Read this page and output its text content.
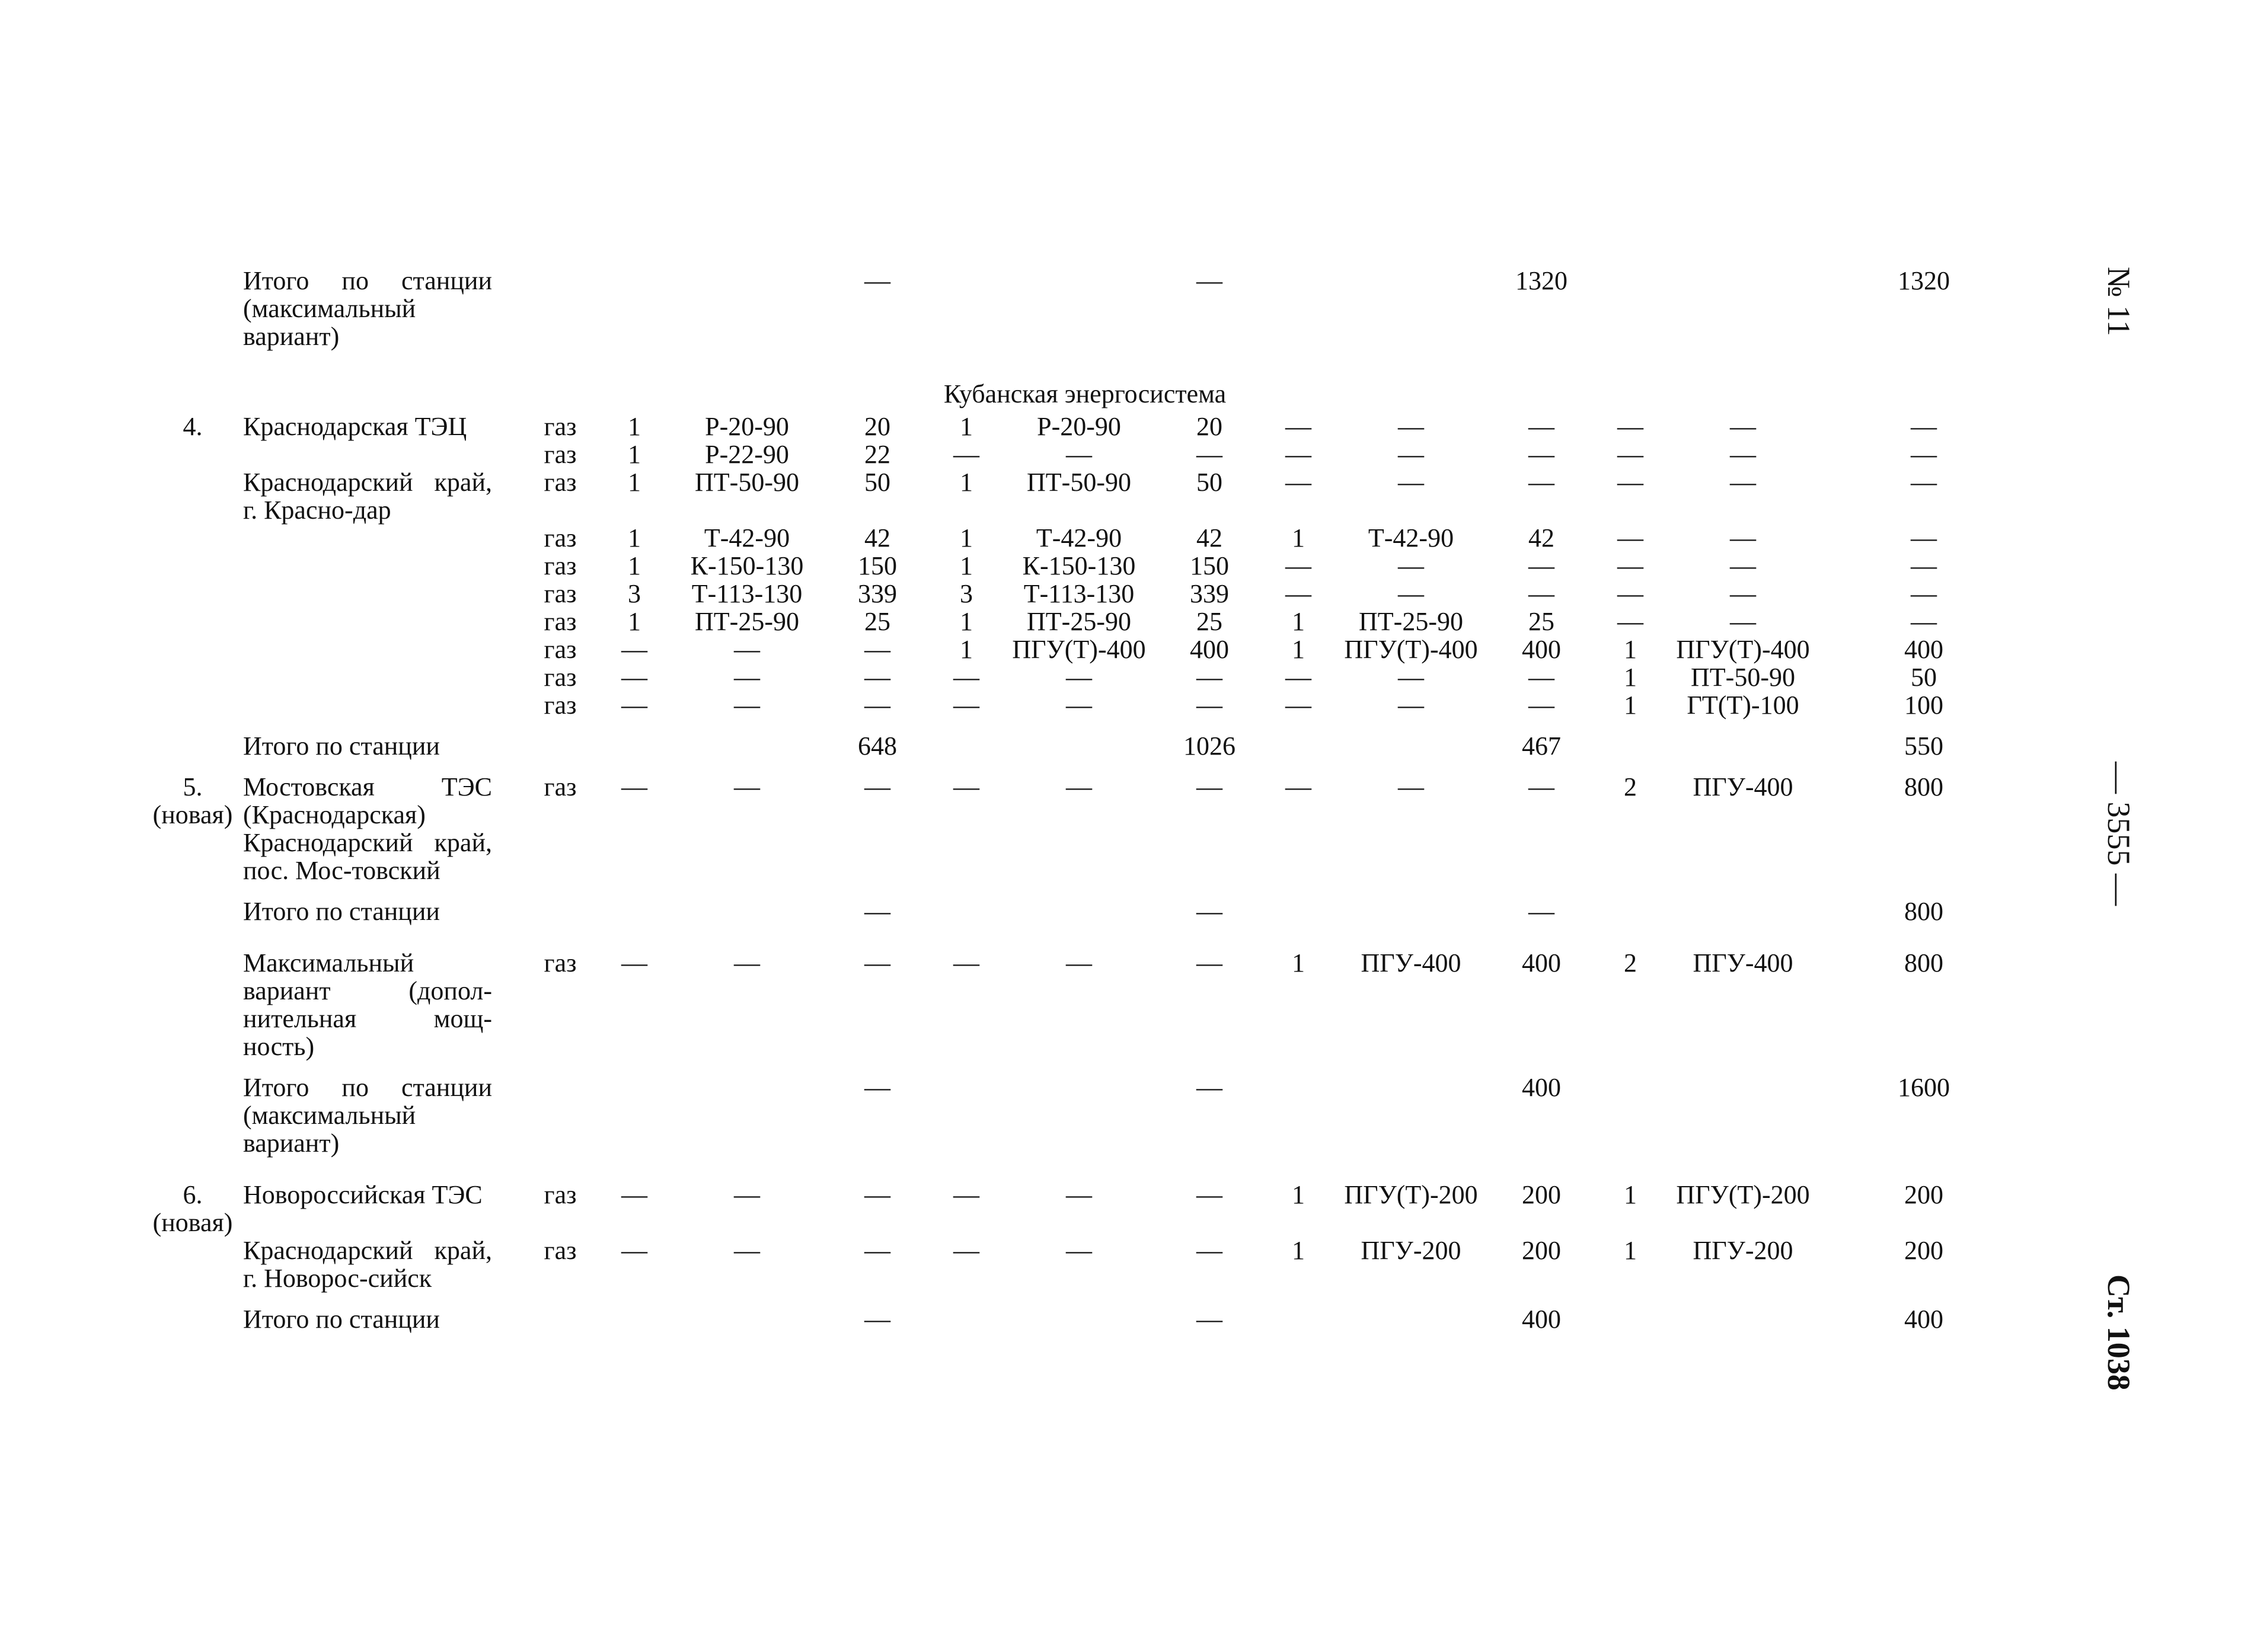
	Итого по станции (максимальный вариант)				—			—			1320			1320
Кубанская энергосистема														
4.	Краснодарская ТЭЦ	газ	1	Р-20-90	20	1	Р-20-90	20	—	—	—	—	—	—
		газ	1	Р-22-90	22	—	—	—	—	—	—	—	—	—
	Краснодарский край, г. Красно-дар	газ	1	ПТ-50-90	50	1	ПТ-50-90	50	—	—	—	—	—	—
		газ	1	Т-42-90	42	1	Т-42-90	42	1	Т-42-90	42	—	—	—
		газ	1	К-150-130	150	1	К-150-130	150	—	—	—	—	—	—
		газ	3	Т-113-130	339	3	Т-113-130	339	—	—	—	—	—	—
		газ	1	ПТ-25-90	25	1	ПТ-25-90	25	1	ПТ-25-90	25	—	—	—
		газ	—	—	—	1	ПГУ(Т)-400	400	1	ПГУ(Т)-400	400	1	ПГУ(Т)-400	400
		газ	—	—	—	—	—	—	—	—	—	1	ПТ-50-90	50
		газ	—	—	—	—	—	—	—	—	—	1	ГТ(Т)-100	100
	Итого по станции				648			1026			467			550
5. (новая)	Мостовская ТЭС (Краснодарская) Краснодарский край, пос. Мос-товский	газ	—	—	—	—	—	—	—	—	—	2	ПГУ-400	800
	Итого по станции				—			—			—			800
	Максимальный вариант (допол-нительная мощ-ность)	газ	—	—	—	—	—	—	1	ПГУ-400	400	2	ПГУ-400	800
	Итого по станции (максимальный вариант)				—			—			400			1600
6. (новая)	Новороссийская ТЭС	газ	—	—	—	—	—	—	1	ПГУ(Т)-200	200	1	ПГУ(Т)-200	200
	Краснодарский край, г. Новорос-сийск	газ	—	—	—	—	—	—	1	ПГУ-200	200	1	ПГУ-200	200
	Итого по станции				—			—			400			400
№ 11
— 3555 —
Ст. 1038
